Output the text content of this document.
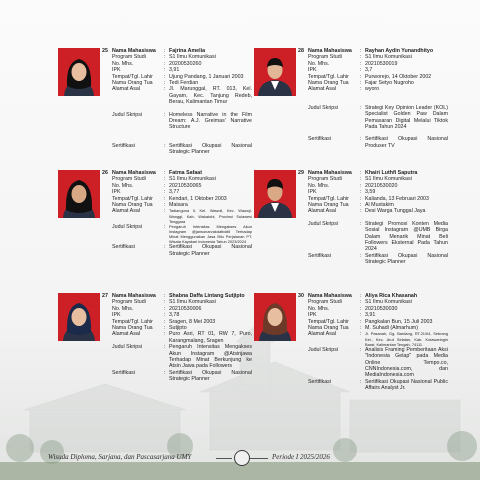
25 Nama Mahasiswa	: Fajrina Amelia
Program Studi	: S1 Ilmu Komunikasi
No. Mhs.	: 20200530260
IPK	: 3,91
Tempat/Tgl. Lahir	: Ujung Pandang, 1 Januari 2003
Nama Orang Tua	: Tedi Ferdian
Alamat Asal	: Jl. Marunggal, RT. 013, Kel. Gayam, Kec. Tanjung Redeb, Berau, Kalimantan Timur
Judul Skripsi	: Homeless Narrative in the Film Dream: A.J. Greimas' Narrative Structure
Sertifikasi	: Sertifikasi Okupasi Nasional Strategic Planner
26 Nama Mahasiswa	: Fatma Safaat
Program Studi	: S1 Ilmu Komunikasi
No. Mhs.	: 20210530065
IPK	: 3,77
Tempat/Tgl. Lahir	: Kendari, 1 Oktober 2003
Nama Orang Tua	: Maisara
Alamat Asal	: Tadianguna II, Kel. Wawoli, Kec. Wawoji-Wanggi, Kab. Wakatobi, Provinsi Sulawesi Tenggara
Judul Skripsi	: Pengaruh Intensitas Mengakses Akun Instagram @jansonarvakdattoktil Terhadap Minat Menggunakan Jasa Bilu Perjalanan PT. Wisata Kayakari Indonesia Tahun 2023/2024
Sertifikasi	: Sertifikasi Okupasi Nasional Strategic Planner
27 Nama Mahasiswa	: Shabna Daffa Lintang Sutjipto
Program Studi	: S1 Ilmu Komunikasi
No. Mhs.	: 20210530006
IPK	: 3,78
Tempat/Tgl. Lahir	: Sragen, 8 Mei 2003
Nama Orang Tua	: Sutjipto
Alamat Asal	: Puro Asri, RT 01, RW 7, Puro, Karangmalang, Sragen
Judul Skripsi	: Pengaruh Intensitas Mengakses Akun Instagram @Atsinjawa Terhadap Minat Berkunjung ke Atsin Jawa pada Followers
Sertifikasi	: Sertifikasi Okupasi Nasional Strategic Planner
28 Nama Mahasiswa	: Rayhan Aydin Yunandhityo
Program Studi	: S1 Ilmu Komunikasi
No. Mhs.	: 20210530019
IPK	: 3,7
Tempat/Tgl. Lahir	: Purworejo, 14 Oktober 2002
Nama Orang Tua	: Fajar Setyo Nugroho
Alamat Asal	: wyoro
Judul Skripsi	: Strategi Key Opinion Leader (KOL) Specialist Golden Paw Dalam Pemasaran Digital Melalui Tiktok Pada Tahun 2024
Sertifikasi	: Sertifikasi Okupasi Nasional Produser TV
29 Nama Mahasiswa	: Khairi Luthfi Saputra
Program Studi	: S1 Ilmu Komunikasi
No. Mhs.	: 20210530020
IPK	: 3,59
Tempat/Tgl. Lahir	: Kalianda, 13 Februari 2003
Nama Orang Tua	: Al Mustakim
Alamat Asal	: Desi Warga Tunggal Jaya
Judul Skripsi	: Strategi Promosi Konten Media Sosial Instagram @UMB Birga Dalam Menarik Minat Beli Followers Eksternal Pada Tahun 2024
Sertifikasi	: Sertifikasi Okupasi Nasional Strategic Planner
30 Nama Mahasiswa	: Aliya Rica Khasanah
Program Studi	: S1 Ilmu Komunikasi
No. Mhs.	: 20210530030
IPK	: 3,91
Tempat/Tgl. Lahir	: Pangkalan Bun, 15 Juli 2003
Nama Orang Tua	: M. Suhadi (Almarhum)
Alamat Asal	: Jl. Pasanah, Gg. Bardang, RT.21/04, Sebrang Kel., Kec. Arut Selatan, Kab. Kotawaringin Barat, Kalimantan Tengah, 74111
Judul Skripsi	: Analisis Framing Pemberitaan Aksi "Indonesia Gelap" pada Media Online Tempo.co, CNNIndonesia.com, dan MediaIndonesia.com
Sertifikasi	: Sertifikasi Okupasi Nasional Public Affairs Analyst Jr.
Wisuda Diploma, Sarjana, dan Pascasarjana UMY	Periode I 2025/2026
